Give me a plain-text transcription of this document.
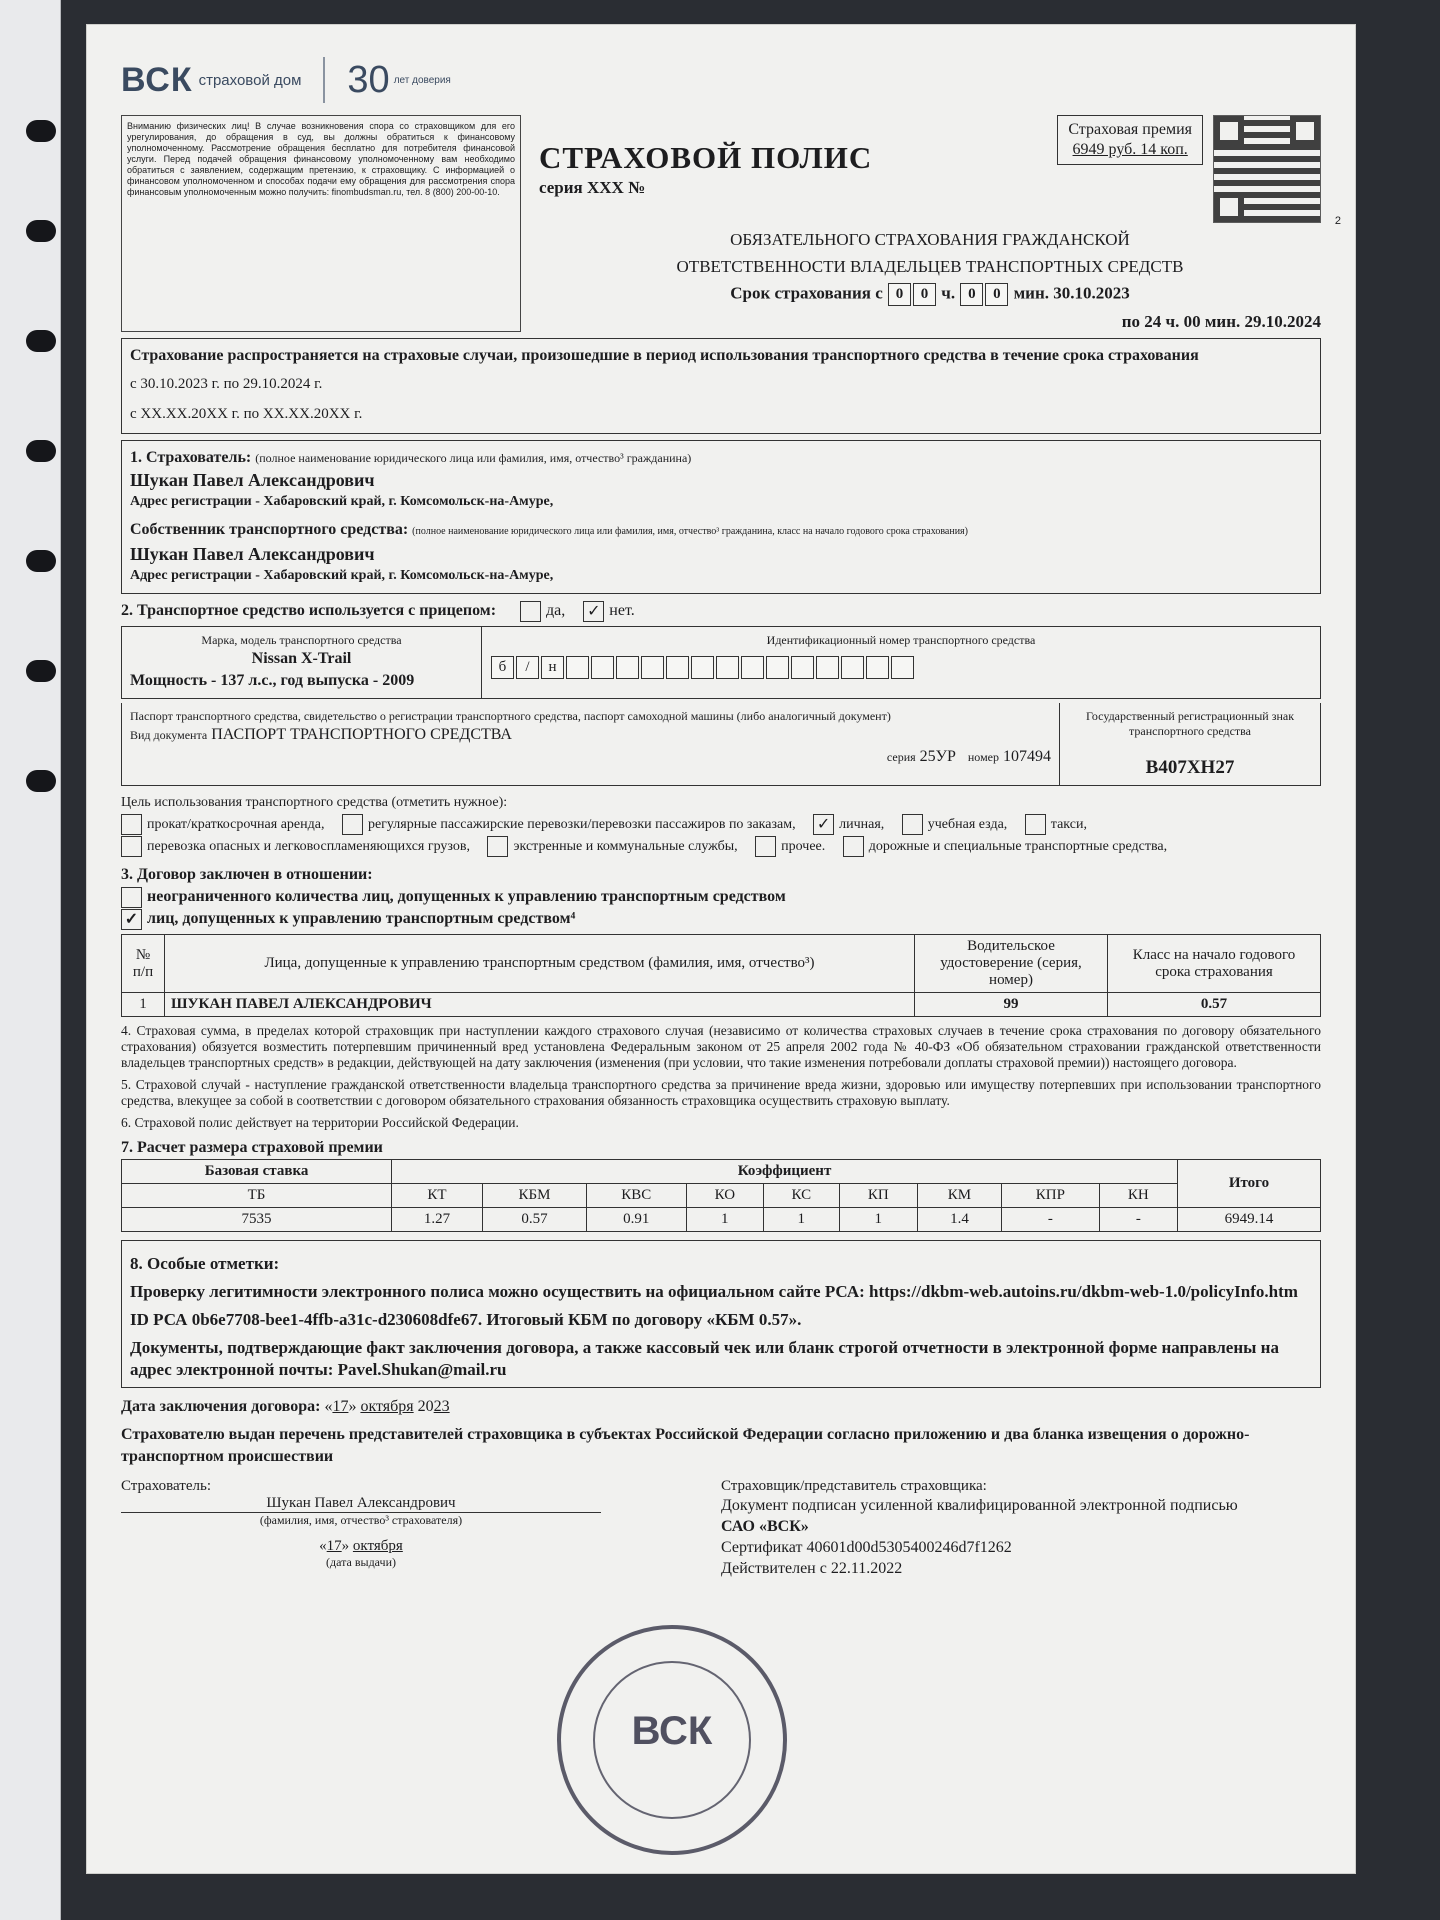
2
ВСК страховой дом 30 лет доверия
Вниманию физических лиц! В случае возникновения спора со страховщиком для его урегулирования, до обращения в суд, вы должны обратиться к финансовому уполномоченному. Рассмотрение обращения бесплатно для потребителя финансовой услуги. Перед подачей обращения финансовому уполномоченному вам необходимо обратиться с заявлением, содержащим претензию, к страховщику. С информацией о финансовом уполномоченном и способах подачи ему обращения для рассмотрения спора финансовым уполномоченным можно получить: finombudsman.ru, тел. 8 (800) 200-00-10.
СТРАХОВОЙ ПОЛИС
серия ХХХ №
Страховая премия
6949 руб. 14 коп.
ОБЯЗАТЕЛЬНОГО СТРАХОВАНИЯ ГРАЖДАНСКОЙ
ОТВЕТСТВЕННОСТИ ВЛАДЕЛЬЦЕВ ТРАНСПОРТНЫХ СРЕДСТВ
Срок страхования с 0 0 ч. 0 0 мин. 30.10.2023
по 24 ч. 00 мин. 29.10.2024
Страхование распространяется на страховые случаи, произошедшие в период использования транспортного средства в течение срока страхования
с 30.10.2023 г. по 29.10.2024 г.
с ХХ.ХХ.20ХХ г. по ХХ.ХХ.20ХХ г.
1. Страхователь: (полное наименование юридического лица или фамилия, имя, отчество³ гражданина)
Шукан Павел Александрович
Адрес регистрации - Хабаровский край, г. Комсомольск-на-Амуре,
Собственник транспортного средства: (полное наименование юридического лица или фамилия, имя, отчество³ гражданина, класс на начало годового срока страхования)
Шукан Павел Александрович
Адрес регистрации - Хабаровский край, г. Комсомольск-на-Амуре,
2. Транспортное средство используется с прицепом:	да, ✓ нет.
Марка, модель транспортного средства
Nissan X-Trail
Мощность - 137 л.с., год выпуска - 2009
Идентификационный номер транспортного средства
б / н
Паспорт транспортного средства, свидетельство о регистрации транспортного средства, паспорт самоходной машины (либо аналогичный документ)
Вид документа ПАСПОРТ ТРАНСПОРТНОГО СРЕДСТВА
серия 25УР номер 107494
Государственный регистрационный знак транспортного средства
В407ХН27
Цель использования транспортного средства (отметить нужное):
прокат/краткосрочная аренда,	регулярные пассажирские перевозки/перевозки пассажиров по заказам, ✓ личная,	учебная езда,	такси, перевозка опасных и легковоспламеняющихся грузов,	экстренные и коммунальные службы,	прочее.	дорожные и специальные транспортные средства,
3. Договор заключен в отношении:
неограниченного количества лиц, допущенных к управлению транспортным средством
✓ лиц, допущенных к управлению транспортным средством⁴
№ п/п	Лица, допущенные к управлению транспортным средством (фамилия, имя, отчество³)	Водительское удостоверение (серия, номер)	Класс на начало годового срока страхования
1	ШУКАН ПАВЕЛ АЛЕКСАНДРОВИЧ	99	0.57
4. Страховая сумма, в пределах которой страховщик при наступлении каждого страхового случая (независимо от количества страховых случаев в течение срока страхования по договору обязательного страхования) обязуется возместить потерпевшим причиненный вред установлена Федеральным законом от 25 апреля 2002 года № 40-ФЗ «Об обязательном страховании гражданской ответственности владельцев транспортных средств» в редакции, действующей на дату заключения (изменения (при условии, что такие изменения потребовали доплаты страховой премии)) настоящего договора.
5. Страховой случай - наступление гражданской ответственности владельца транспортного средства за причинение вреда жизни, здоровью или имуществу потерпевших при использовании транспортного средства, влекущее за собой в соответствии с договором обязательного страхования обязанность страховщика осуществить страховую выплату.
6. Страховой полис действует на территории Российской Федерации.
7. Расчет размера страховой премии
Базовая ставка	Коэффициент									Итого
ТБ	КТ	КБМ	КВС	КО	КС	КП	КМ	КПР	КН	
7535	1.27	0.57	0.91	1	1	1	1.4	-	-	6949.14
8. Особые отметки:
Проверку легитимности электронного полиса можно осуществить на официальном сайте РСА: https://dkbm-web.autoins.ru/dkbm-web-1.0/policyInfo.htm
ID РСА 0b6e7708-bee1-4ffb-a31c-d230608dfe67. Итоговый КБМ по договору «КБМ 0.57».
Документы, подтверждающие факт заключения договора, а также кассовый чек или бланк строгой отчетности в электронной форме направлены на адрес электронной почты: Pavel.Shukan@mail.ru
Дата заключения договора: «17» октября 2023
Страхователю выдан перечень представителей страховщика в субъектах Российской Федерации согласно приложению и два бланка извещения о дорожно-транспортном происшествии
Страхователь:
Шукан Павел Александрович
(фамилия, имя, отчество³ страхователя)
«17» октября
(дата выдачи)
Страховщик/представитель страховщика:
Документ подписан усиленной квалифицированной электронной подписью
САО «ВСК»
Сертификат 40601d00d5305400246d7f1262
Действителен с 22.11.2022
ВСК
